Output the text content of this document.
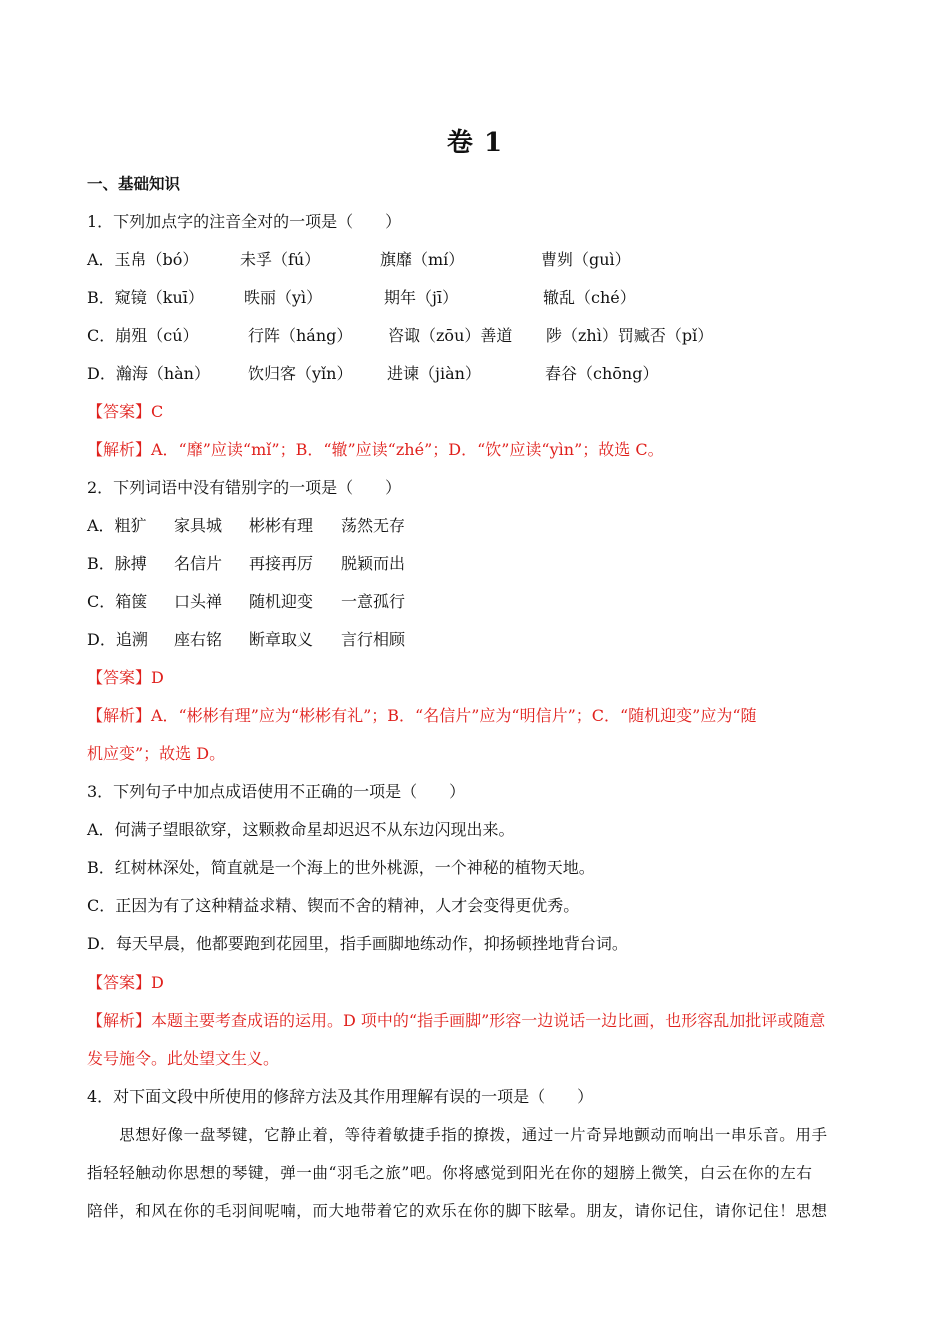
卷 1
一、基础知识
1．下列加点字的注音全对的一项是（　　）
A．玉帛（bó）	未孚（fú）	旗靡（mí）	曹刿（guì）
B．窥镜（kuī）	昳丽（yì）	期年（jī）	辙乱（ché）
C．崩殂（cú）	行阵（háng） 咨诹（zōu）善道 陟（zhì）罚臧否（pǐ）
D．瀚海（hàn） 饮归客（yǐn） 进谏（jiàn）	舂谷（chōng）
【答案】C
【解析】A．“靡”应读“mǐ”；B．“辙”应读“zhé”；D．“饮”应读“yìn”；故选 C。
2．下列词语中没有错别字的一项是（　　）
A．粗犷 家具城 彬彬有理 荡然无存
B．脉搏 名信片 再接再厉 脱颖而出
C．箱箧 口头禅 随机迎变 一意孤行
D．追溯 座右铭 断章取义 言行相顾
【答案】D
【解析】A．“彬彬有理”应为“彬彬有礼”；B．“名信片”应为“明信片”；C．“随机迎变”应为“随
机应变”；故选 D。
3．下列句子中加点成语使用不正确的一项是（　　）
A．何满子望眼欲穿，这颗救命星却迟迟不从东边闪现出来。
B．红树林深处，简直就是一个海上的世外桃源，一个神秘的植物天地。
C．正因为有了这种精益求精、锲而不舍的精神，人才会变得更优秀。
D．每天早晨，他都要跑到花园里，指手画脚地练动作，抑扬顿挫地背台词。
【答案】D
【解析】本题主要考查成语的运用。D 项中的“指手画脚”形容一边说话一边比画，也形容乱加批评或随意
发号施令。此处望文生义。
4．对下面文段中所使用的修辞方法及其作用理解有误的一项是（　　）
　　思想好像一盘琴键，它静止着，等待着敏捷手指的撩拨，通过一片奇异地颤动而响出一串乐音。用手
指轻轻触动你思想的琴键，弹一曲“羽毛之旅”吧。你将感觉到阳光在你的翅膀上微笑，白云在你的左右
陪伴，和风在你的毛羽间呢喃，而大地带着它的欢乐在你的脚下眩晕。朋友，请你记住，请你记住！思想
